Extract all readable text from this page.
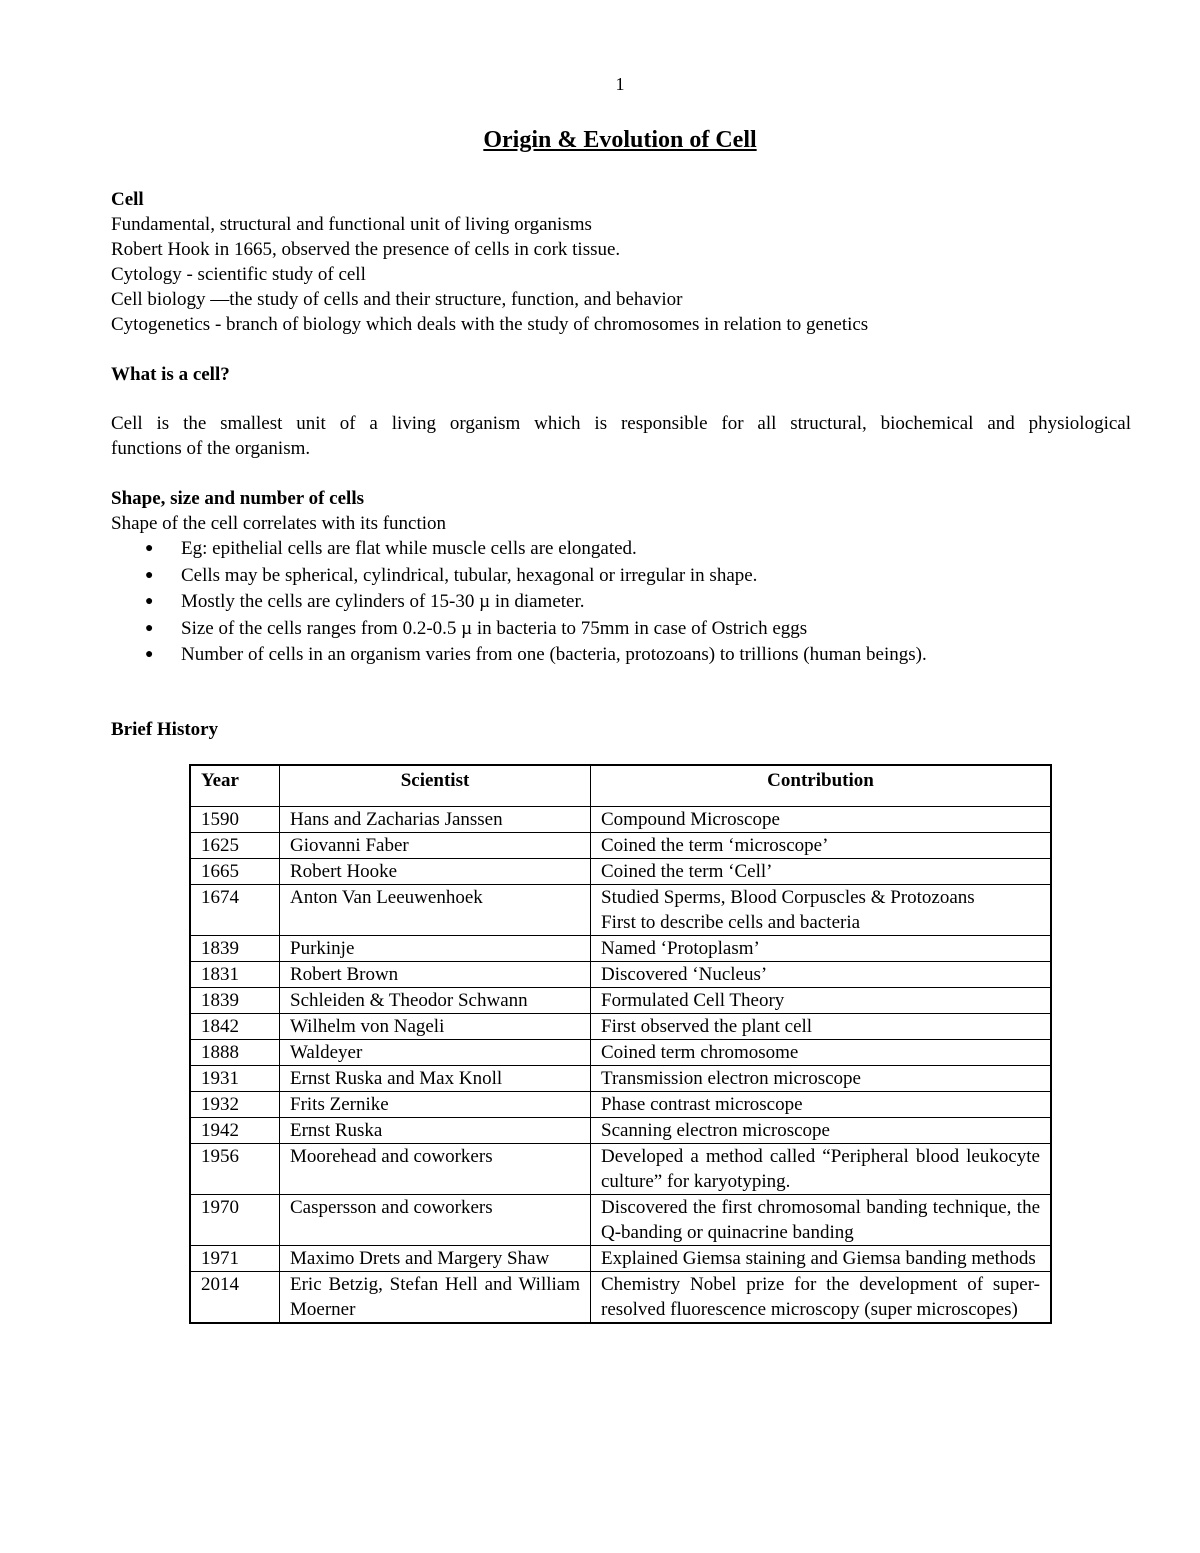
1
Origin & Evolution of Cell
Cell
Fundamental, structural and functional unit of living organisms
Robert Hook in 1665, observed the presence of cells in cork tissue.
Cytology - scientific study of cell
Cell biology —the study of cells and their structure, function, and behavior
Cytogenetics - branch of biology which deals with the study of chromosomes in relation to genetics
What is a cell?
Cell is the smallest unit of a living organism which is responsible for all structural, biochemical and physiological
functions of the organism.
Shape, size and number of cells
Shape of the cell correlates with its function
● Eg: epithelial cells are flat while muscle cells are elongated.
● Cells may be spherical, cylindrical, tubular, hexagonal or irregular in shape.
● Mostly the cells are cylinders of 15-30 µ in diameter.
● Size of the cells ranges from 0.2-0.5 µ in bacteria to 75mm in case of Ostrich eggs
● Number of cells in an organism varies from one (bacteria, protozoans) to trillions (human beings).
Brief History
Year	Scientist	Contribution
1590	Hans and Zacharias Janssen	Compound Microscope

1625	Giovanni Faber	Coined the term ‘microscope’

1665	Robert Hooke	Coined the term ‘Cell’

1674	Anton Van Leeuwenhoek	Studied Sperms, Blood Corpuscles & Protozoans
First to describe cells and bacteria

1839	Purkinje	Named ‘Protoplasm’

1831	Robert Brown	Discovered ‘Nucleus’

1839	Schleiden & Theodor Schwann	Formulated Cell Theory

1842	Wilhelm von Nageli	First observed the plant cell

1888	Waldeyer	Coined term chromosome

1931	Ernst Ruska and Max Knoll	Transmission electron microscope

1932	Frits Zernike	Phase contrast microscope

1942	Ernst Ruska	Scanning electron microscope

1956	Moorehead and coworkers	Developed a method called “Peripheral blood leukocyte culture” for karyotyping.

1970	Caspersson and coworkers	Discovered the first chromosomal banding technique, the Q-banding or quinacrine banding

1971	Maximo Drets and Margery Shaw	Explained Giemsa staining and Giemsa banding methods

2014	Eric Betzig, Stefan Hell and William Moerner	Chemistry Nobel prize for the development of super-resolved fluorescence microscopy (super microscopes)
